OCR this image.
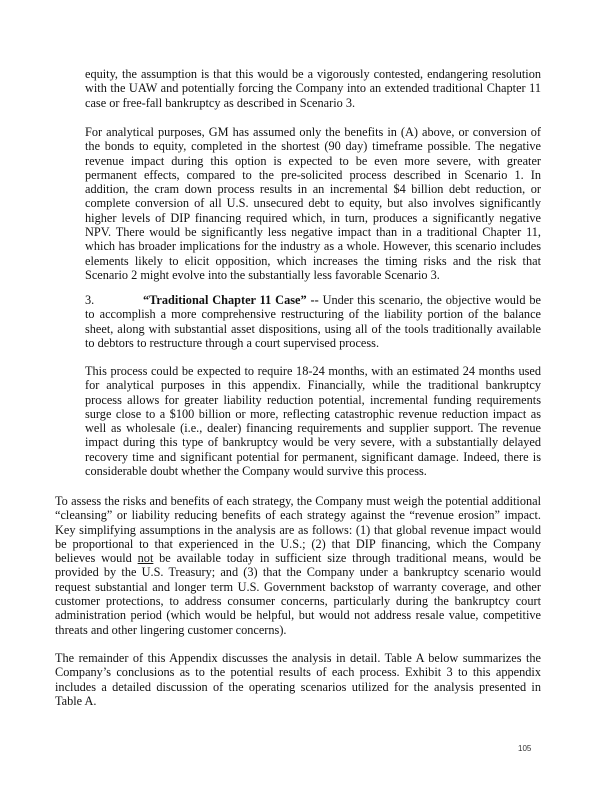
equity, the assumption is that this would be a vigorously contested, endangering resolution with the UAW and potentially forcing the Company into an extended traditional Chapter 11 case or free-fall bankruptcy as described in Scenario 3.

For analytical purposes, GM has assumed only the benefits in (A) above, or conversion of the bonds to equity, completed in the shortest (90 day) timeframe possible. The negative revenue impact during this option is expected to be even more severe, with greater permanent effects, compared to the pre-solicited process described in Scenario 1. In addition, the cram down process results in an incremental $4 billion debt reduction, or complete conversion of all U.S. unsecured debt to equity, but also involves significantly higher levels of DIP financing required which, in turn, produces a significantly negative NPV. There would be significantly less negative impact than in a traditional Chapter 11, which has broader implications for the industry as a whole. However, this scenario includes elements likely to elicit opposition, which increases the timing risks and the risk that Scenario 2 might evolve into the substantially less favorable Scenario 3.

3.	“Traditional Chapter 11 Case” -- Under this scenario, the objective would be to accomplish a more comprehensive restructuring of the liability portion of the balance sheet, along with substantial asset dispositions, using all of the tools traditionally available to debtors to restructure through a court supervised process.

This process could be expected to require 18-24 months, with an estimated 24 months used for analytical purposes in this appendix. Financially, while the traditional bankruptcy process allows for greater liability reduction potential, incremental funding requirements surge close to a $100 billion or more, reflecting catastrophic revenue reduction impact as well as wholesale (i.e., dealer) financing requirements and supplier support. The revenue impact during this type of bankruptcy would be very severe, with a substantially delayed recovery time and significant potential for permanent, significant damage. Indeed, there is considerable doubt whether the Company would survive this process.

To assess the risks and benefits of each strategy, the Company must weigh the potential additional “cleansing” or liability reducing benefits of each strategy against the “revenue erosion” impact. Key simplifying assumptions in the analysis are as follows: (1) that global revenue impact would be proportional to that experienced in the U.S.; (2) that DIP financing, which the Company believes would not be available today in sufficient size through traditional means, would be provided by the U.S. Treasury; and (3) that the Company under a bankruptcy scenario would request substantial and longer term U.S. Government backstop of warranty coverage, and other customer protections, to address consumer concerns, particularly during the bankruptcy court administration period (which would be helpful, but would not address resale value, competitive threats and other lingering customer concerns).

The remainder of this Appendix discusses the analysis in detail. Table A below summarizes the Company’s conclusions as to the potential results of each process. Exhibit 3 to this appendix includes a detailed discussion of the operating scenarios utilized for the analysis presented in Table A.

105
